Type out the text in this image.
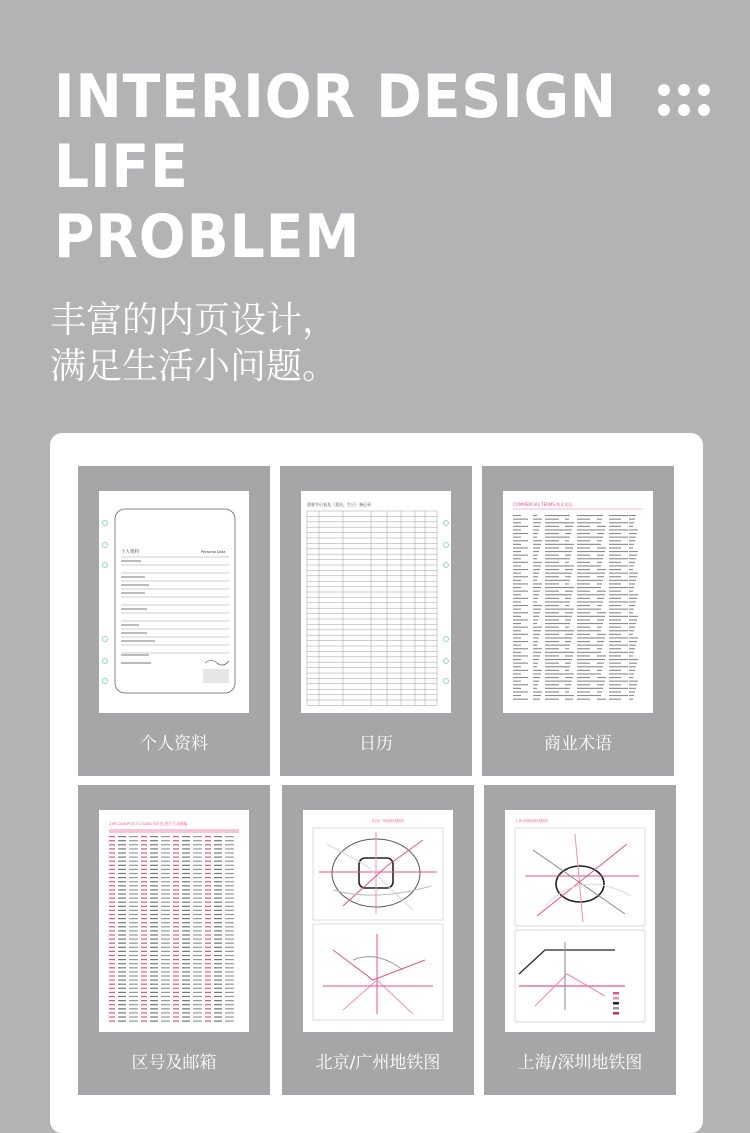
INTERIOR DESIGN
LIFE
PROBLEM
丰富的内页设计，
满足生活小问题。
个人资料	Personal Data
个人资料
重要节日表及（喜庆、生日）备记录
日历
COMMERCIAL TERMS 商业术语
商业术语
ZIPCODE/POST CODES 国内长途区号及邮编
区号及邮箱
北京/广州地铁线路图
北京/广州地铁图
上海 深圳地铁线路图
上海/深圳地铁图
